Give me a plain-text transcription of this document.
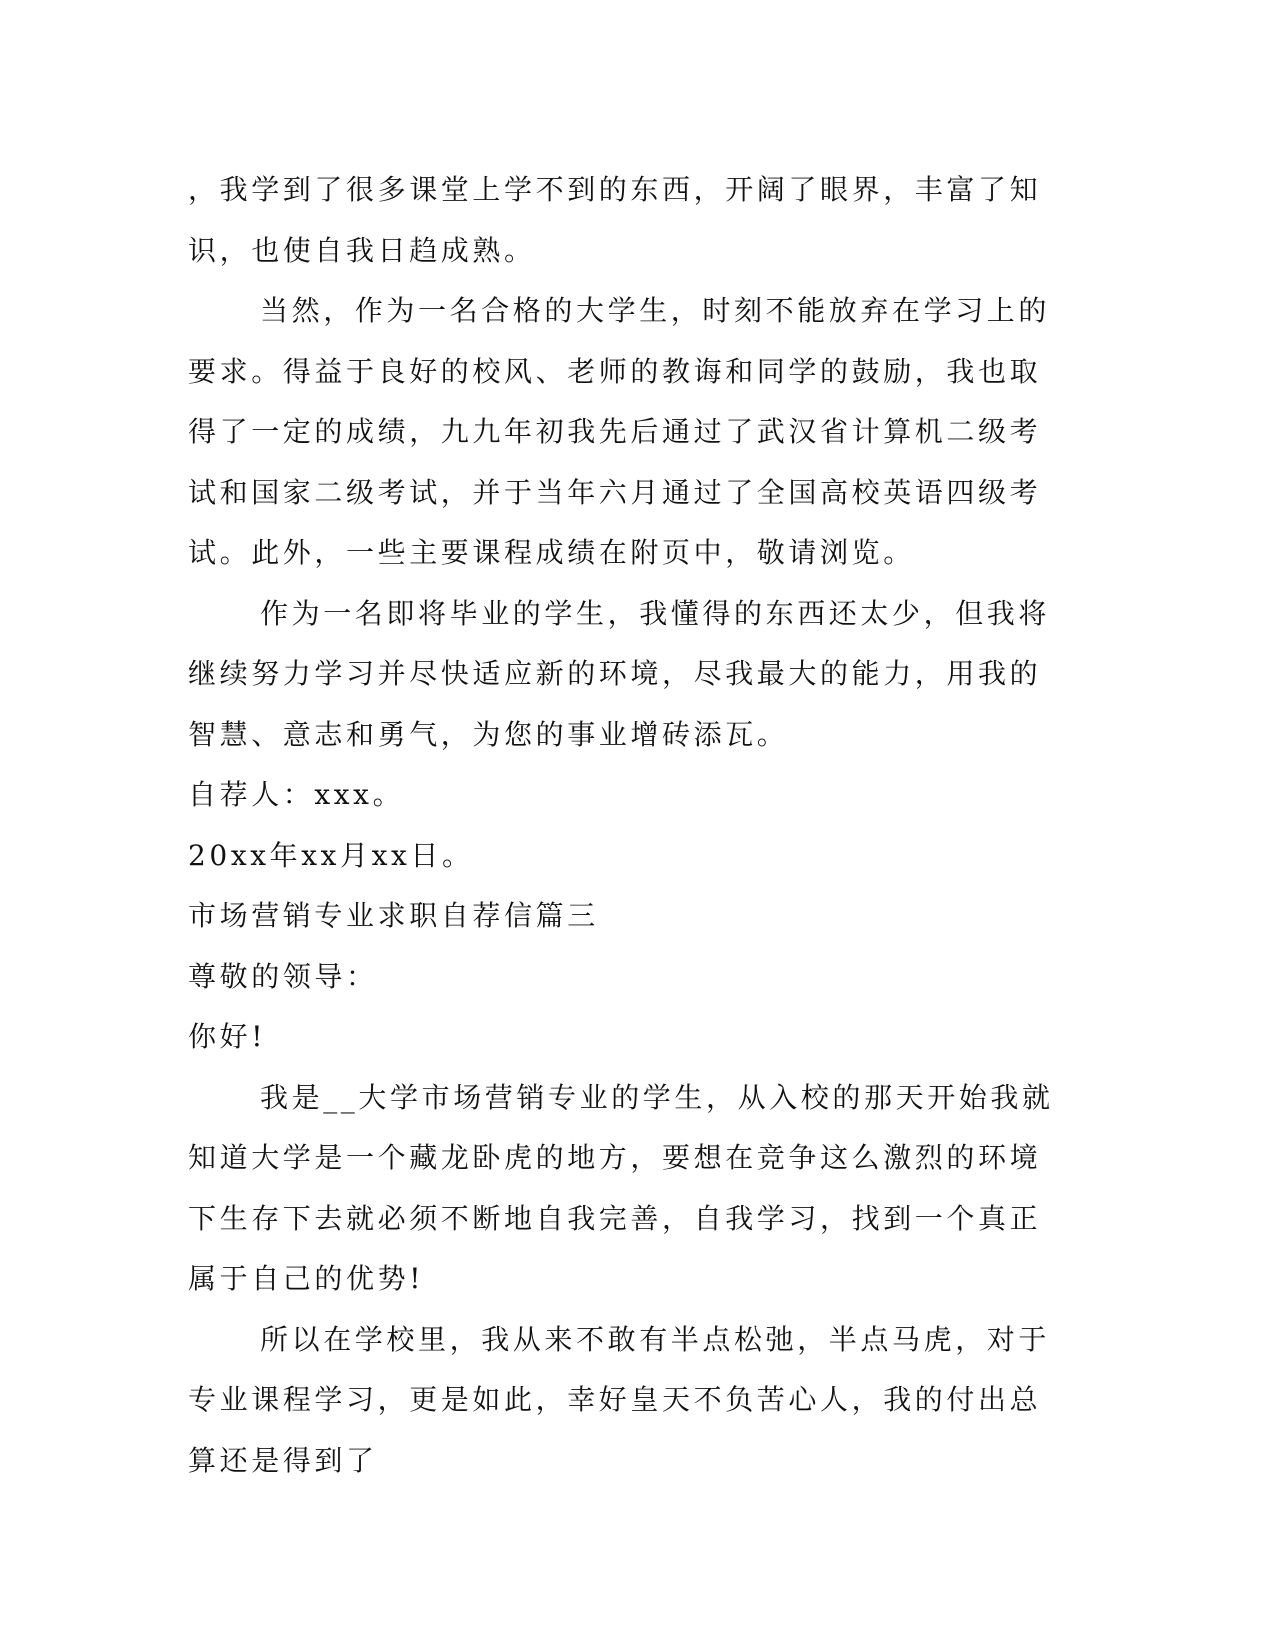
，我学到了很多课堂上学不到的东西，开阔了眼界，丰富了知识，也使自我日趋成熟。

当然，作为一名合格的大学生，时刻不能放弃在学习上的要求。得益于良好的校风、老师的教诲和同学的鼓励，我也取得了一定的成绩，九九年初我先后通过了武汉省计算机二级考试和国家二级考试，并于当年六月通过了全国高校英语四级考试。此外，一些主要课程成绩在附页中，敬请浏览。

作为一名即将毕业的学生，我懂得的东西还太少，但我将继续努力学习并尽快适应新的环境，尽我最大的能力，用我的智慧、意志和勇气，为您的事业增砖添瓦。

自荐人：xxx。

20xx年xx月xx日。

市场营销专业求职自荐信篇三

尊敬的领导：

你好!

我是__大学市场营销专业的学生，从入校的那天开始我就知道大学是一个藏龙卧虎的地方，要想在竞争这么激烈的环境下生存下去就必须不断地自我完善，自我学习，找到一个真正属于自己的优势!

所以在学校里，我从来不敢有半点松弛，半点马虎，对于专业课程学习，更是如此，幸好皇天不负苦心人，我的付出总算还是得到了
